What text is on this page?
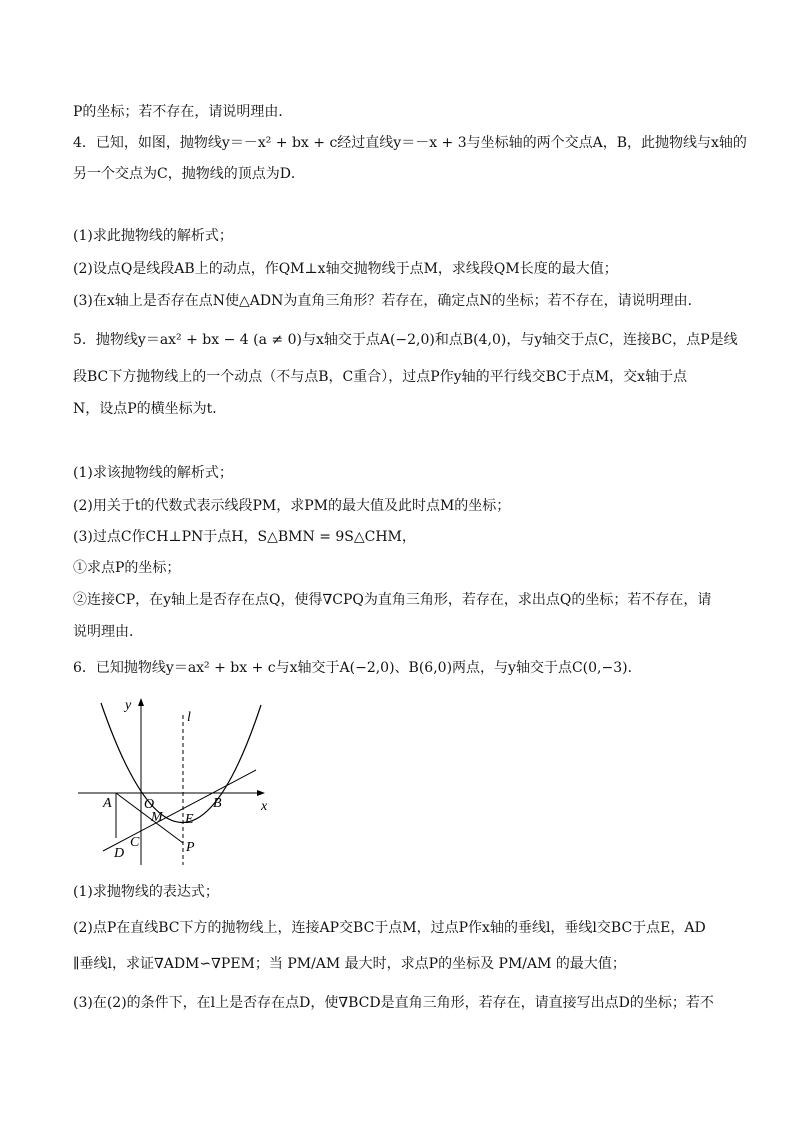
P的坐标；若不存在，请说明理由．
4．已知，如图，抛物线y＝－x² + bx + c经过直线y＝－x + 3与坐标轴的两个交点A，B，此抛物线与x轴的
另一个交点为C，抛物线的顶点为D．
(1)求此抛物线的解析式；
(2)设点Q是线段AB上的动点，作QM⊥x轴交抛物线于点M，求线段QM长度的最大值；
(3)在x轴上是否存在点N使△ADN为直角三角形？若存在，确定点N的坐标；若不存在，请说明理由．
5．抛物线y＝ax² + bx − 4 (a ≠ 0)与x轴交于点A(−2,0)和点B(4,0)，与y轴交于点C，连接BC，点P是线
段BC下方抛物线上的一个动点（不与点B，C重合），过点P作y轴的平行线交BC于点M，交x轴于点
N，设点P的横坐标为t．
(1)求该抛物线的解析式；
(2)用关于t的代数式表示线段PM，求PM的最大值及此时点M的坐标；
(3)过点C作CH⊥PN于点H，S△BMN = 9S△CHM，
①求点P的坐标；
②连接CP，在y轴上是否存在点Q，使得∇CPQ为直角三角形，若存在，求出点Q的坐标；若不存在，请
说明理由．
6．已知抛物线y＝ax² + bx + c与x轴交于A(−2,0)、B(6,0)两点，与y轴交于点C(0,−3)．
(1)求抛物线的表达式；
(2)点P在直线BC下方的抛物线上，连接AP交BC于点M，过点P作x轴的垂线l，垂线l交BC于点E，AD
∥垂线l，求证∇ADM∽∇PEM；当 PM/AM 最大时，求点P的坐标及 PM/AM 的最大值；
(3)在(2)的条件下，在l上是否存在点D，使∇BCD是直角三角形，若存在，请直接写出点D的坐标；若不
y
x
l
A O
M
B
E
C
D	P
